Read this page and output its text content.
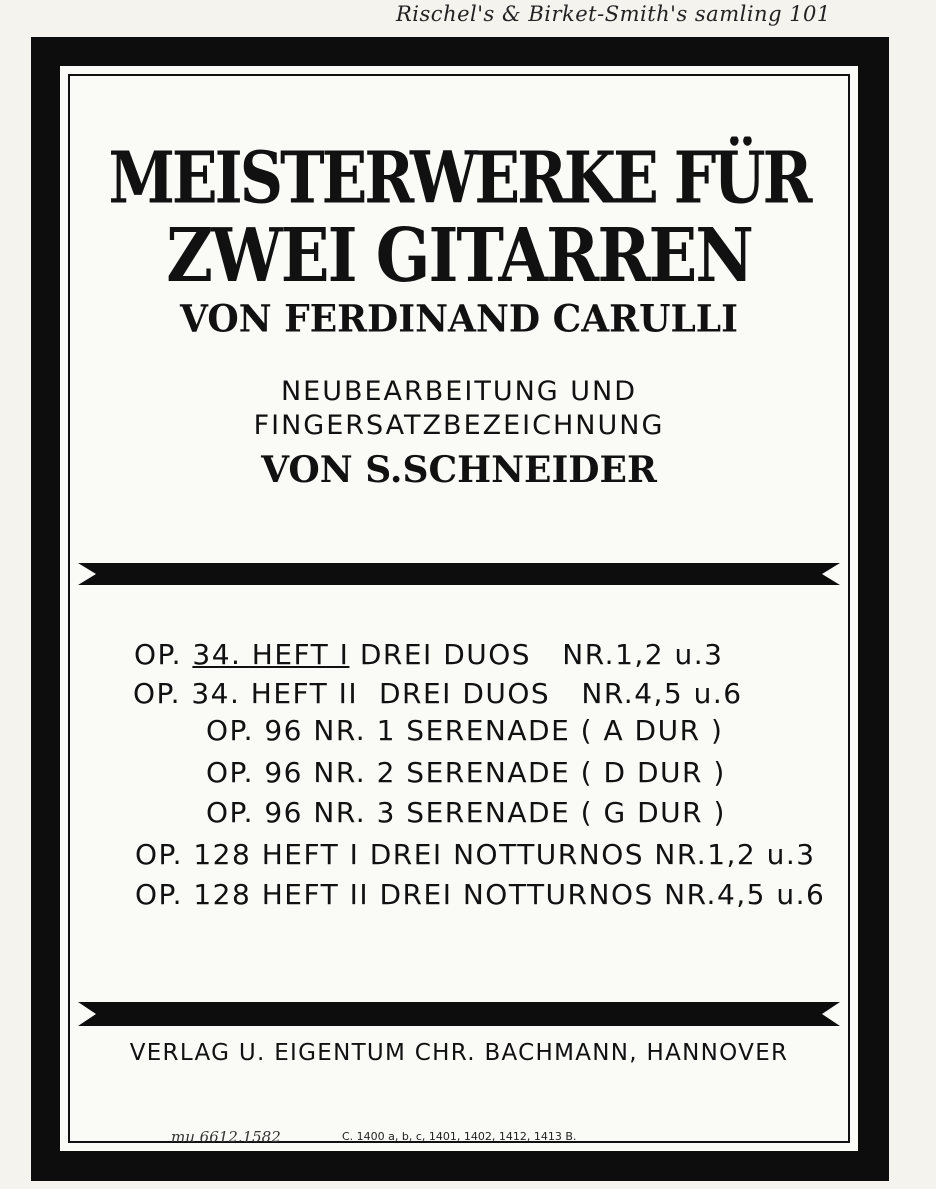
Rischel's & Birket-Smith's samling 101
MEISTERWERKE FÜR
ZWEI GITARREN
VON FERDINAND CARULLI
NEUBEARBEITUNG UND
FINGERSATZBEZEICHNUNG
VON S.SCHNEIDER
OP. 34. HEFT I DREI DUOS   NR.1,2 u.3
OP. 34. HEFT II  DREI DUOS   NR.4,5 u.6
OP. 96 NR. 1 SERENADE ( A DUR )
OP. 96 NR. 2 SERENADE ( D DUR )
OP. 96 NR. 3 SERENADE ( G DUR )
OP. 128 HEFT I DREI NOTTURNOS NR.1,2 u.3
OP. 128 HEFT II DREI NOTTURNOS NR.4,5 u.6
VERLAG U. EIGENTUM CHR. BACHMANN, HANNOVER
mu 6612.1582	C. 1400 a, b, c, 1401, 1402, 1412, 1413 B.
